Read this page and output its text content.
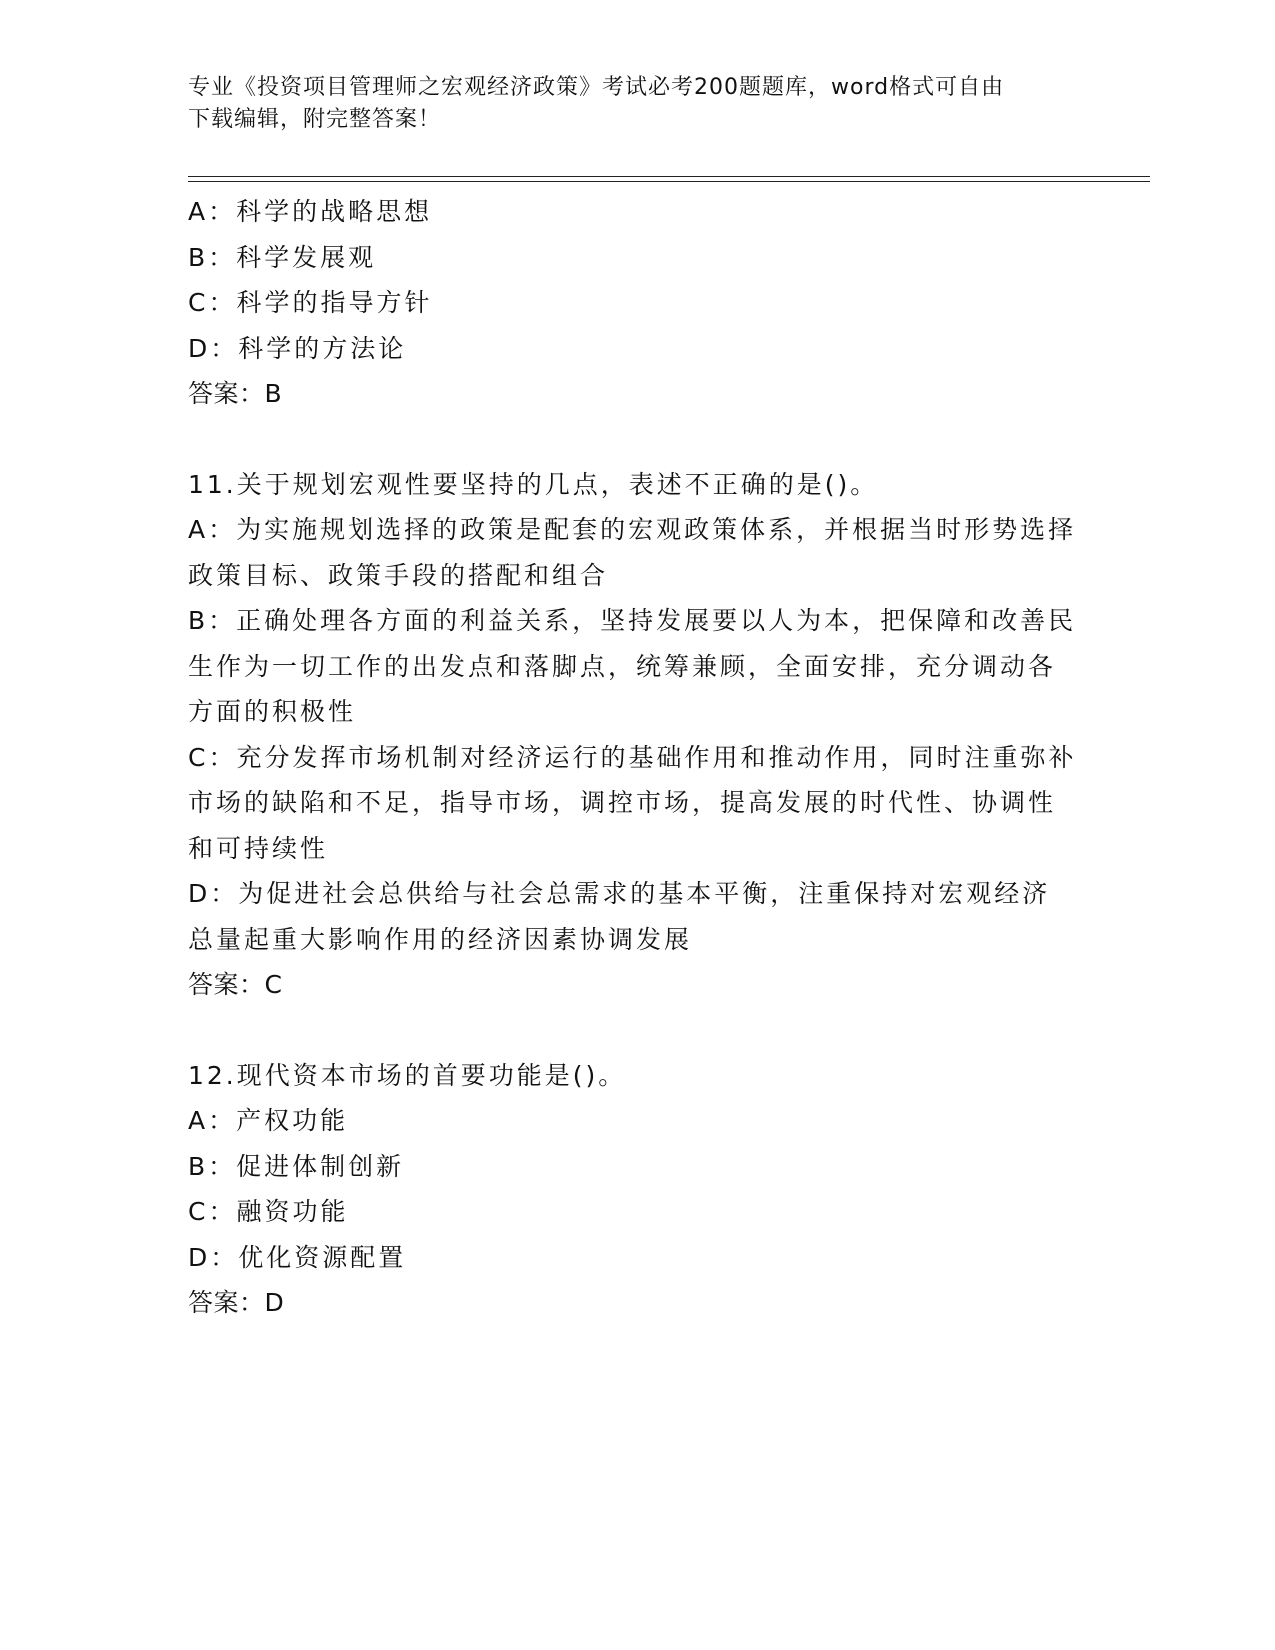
专业《投资项目管理师之宏观经济政策》考试必考200题题库，word格式可自由
下载编辑，附完整答案！

A：科学的战略思想

B：科学发展观

C：科学的指导方针

D：科学的方法论

答案：B

11.关于规划宏观性要坚持的几点，表述不正确的是()。

A：为实施规划选择的政策是配套的宏观政策体系，并根据当时形势选择政策目标、政策手段的搭配和组合

B：正确处理各方面的利益关系，坚持发展要以人为本，把保障和改善民生作为一切工作的出发点和落脚点，统筹兼顾，全面安排，充分调动各方面的积极性

C：充分发挥市场机制对经济运行的基础作用和推动作用，同时注重弥补市场的缺陷和不足，指导市场，调控市场，提高发展的时代性、协调性和可持续性

D：为促进社会总供给与社会总需求的基本平衡，注重保持对宏观经济总量起重大影响作用的经济因素协调发展

答案：C

12.现代资本市场的首要功能是()。

A：产权功能

B：促进体制创新

C：融资功能

D：优化资源配置

答案：D
